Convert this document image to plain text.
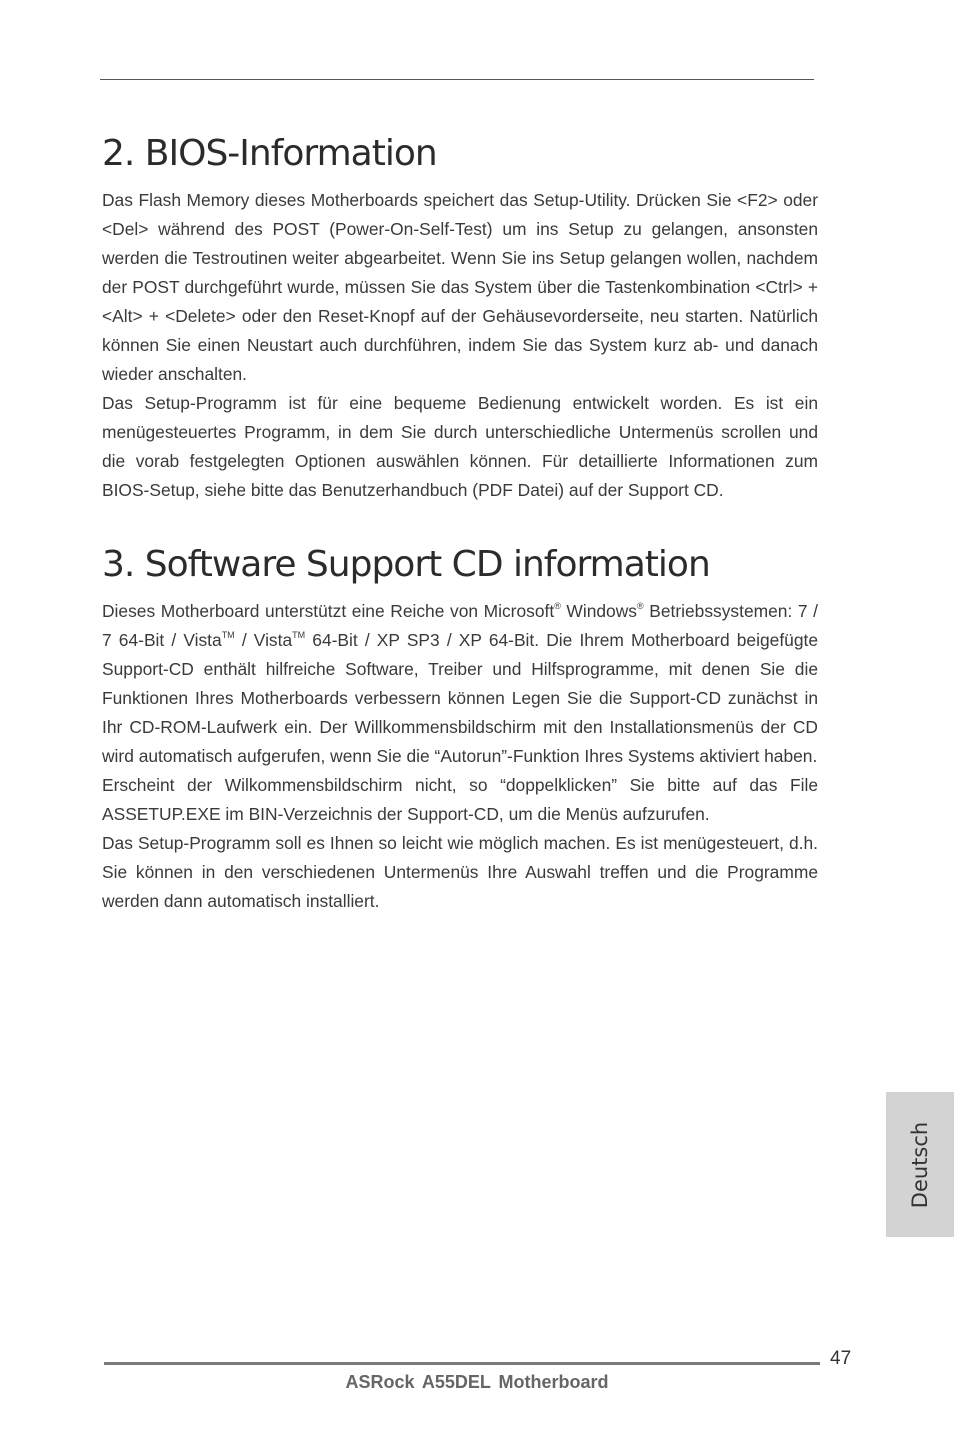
2. BIOS-Information

Das Flash Memory dieses Motherboards speichert das Setup-Utility. Drücken Sie <F2> oder <Del> während des POST (Power-On-Self-Test) um ins Setup zu gelangen, ansonsten werden die Testroutinen weiter abgearbeitet. Wenn Sie ins Setup gelangen wollen, nachdem der POST durchgeführt wurde, müssen Sie das System über die Tastenkombination <Ctrl> + <Alt> + <Delete> oder den Reset-Knopf auf der Gehäusevorderseite, neu starten. Natürlich können Sie einen Neustart auch durchführen, indem Sie das System kurz ab- und danach wieder anschalten.

Das Setup-Programm ist für eine bequeme Bedienung entwickelt worden. Es ist ein menügesteuertes Programm, in dem Sie durch unterschiedliche Untermenüs scrollen und die vorab festgelegten Optionen auswählen können. Für detaillierte Informationen zum BIOS-Setup, siehe bitte das Benutzerhandbuch (PDF Datei) auf der Support CD.

3. Software Support CD information

Dieses Motherboard unterstützt eine Reiche von Microsoft® Windows® Betriebssystemen: 7 / 7 64-Bit / Vista™ / Vista™ 64-Bit / XP SP3 / XP 64-Bit. Die Ihrem Motherboard beigefügte Support-CD enthält hilfreiche Software, Treiber und Hilfsprogramme, mit denen Sie die Funktionen Ihres Motherboards verbessern können Legen Sie die Support-CD zunächst in Ihr CD-ROM-Laufwerk ein. Der Willkommensbildschirm mit den Installationsmenüs der CD wird automatisch aufgerufen, wenn Sie die “Autorun”-Funktion Ihres Systems aktiviert haben.

Erscheint der Wilkommensbildschirm nicht, so “doppelklicken” Sie bitte auf das File ASSETUP.EXE im BIN-Verzeichnis der Support-CD, um die Menüs aufzurufen.

Das Setup-Programm soll es Ihnen so leicht wie möglich machen. Es ist menügesteuert, d.h. Sie können in den verschiedenen Untermenüs Ihre Auswahl treffen und die Programme werden dann automatisch installiert.

Deutsch
47
ASRock A55DEL Motherboard
